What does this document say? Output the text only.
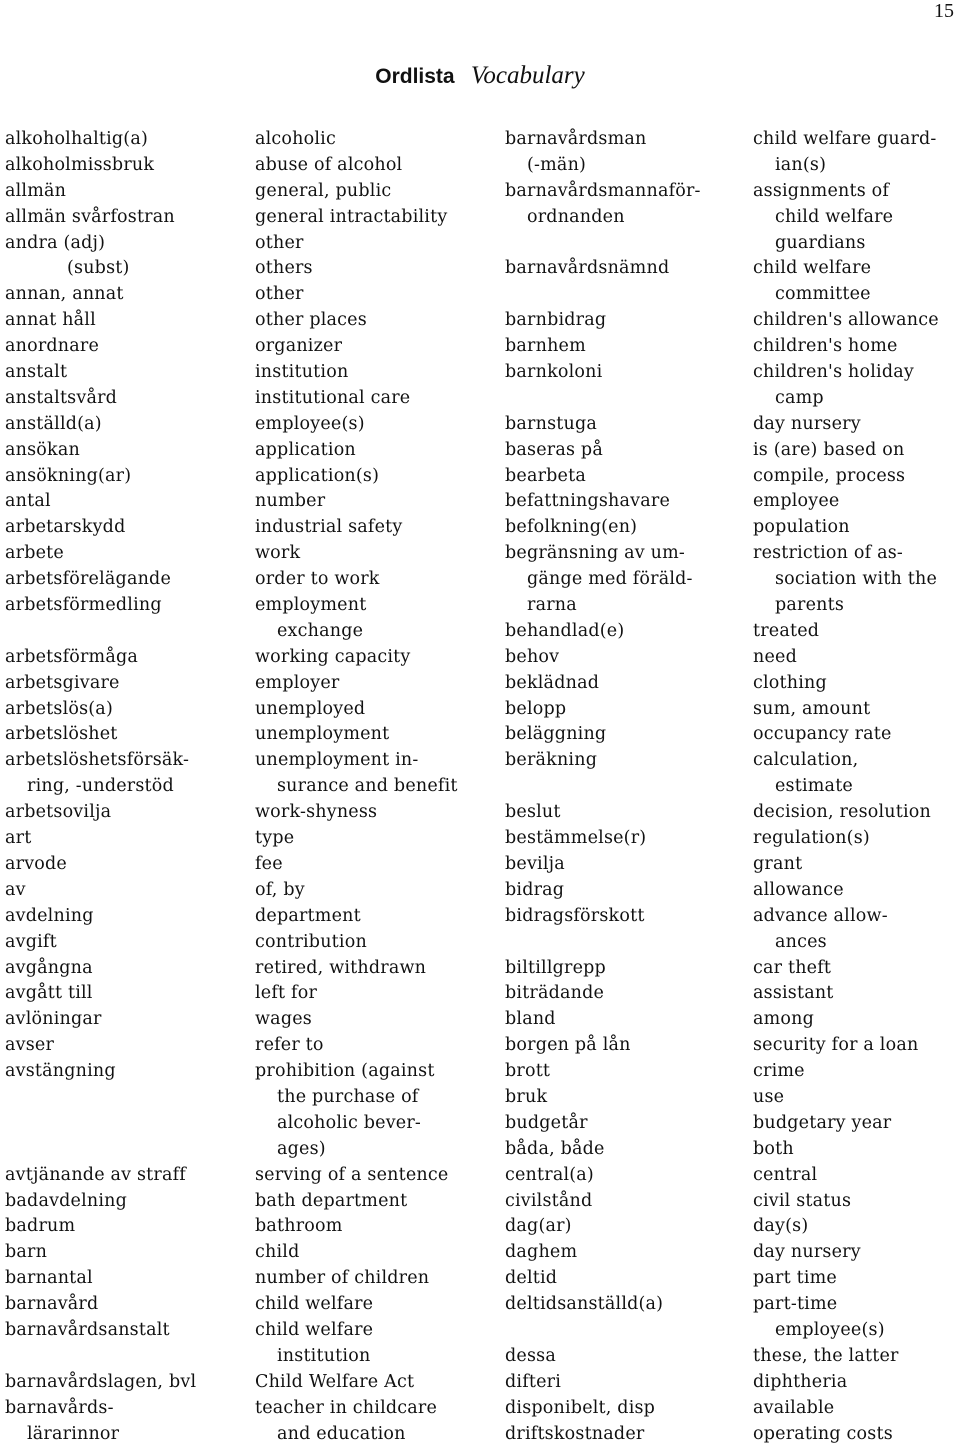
15
Ordlista Vocabulary
alkoholhaltig(a)
alkoholmissbruk
allmän
allmän svårfostran
andra (adj)
(subst)
annan, annat
annat håll
anordnare
anstalt
anstaltsvård
anställd(a)
ansökan
ansökning(ar)
antal
arbetarskydd
arbete
arbetsförelägande
arbetsförmedling
arbetsförmåga
arbetsgivare
arbetslös(a)
arbetslöshet
arbetslöshetsförsäk-
ring, -understöd
arbetsovilja
art
arvode
av
avdelning
avgift
avgångna
avgått till
avlöningar
avser
avstängning
avtjänande av straff
badavdelning
badrum
barn
barnantal
barnavård
barnavårdsanstalt
barnavårdslagen, bvl
barnavårds-
lärarinnor
alcoholic
abuse of alcohol
general, public
general intractability
other
others
other
other places
organizer
institution
institutional care
employee(s)
application
application(s)
number
industrial safety
work
order to work
employment
exchange
working capacity
employer
unemployed
unemployment
unemployment in-
surance and benefit
work-shyness
type
fee
of, by
department
contribution
retired, withdrawn
left for
wages
refer to
prohibition (against
the purchase of
alcoholic bever-
ages)
serving of a sentence
bath department
bathroom
child
number of children
child welfare
child welfare
institution
Child Welfare Act
teacher in childcare
and education
barnavårdsman
(-män)
barnavårdsmannaför-
ordnanden
barnavårdsnämnd
barnbidrag
barnhem
barnkoloni
barnstuga
baseras på
bearbeta
befattningshavare
befolkning(en)
begränsning av um-
gänge med föräld-
rarna
behandlad(e)
behov
beklädnad
belopp
beläggning
beräkning
beslut
bestämmelse(r)
bevilja
bidrag
bidragsförskott
biltillgrepp
biträdande
bland
borgen på lån
brott
bruk
budgetår
båda, både
central(a)
civilstånd
dag(ar)
daghem
deltid
deltidsanställd(a)
dessa
difteri
disponibelt, disp
driftskostnader
child welfare guard-
ian(s)
assignments of
child welfare
guardians
child welfare
committee
children's allowance
children's home
children's holiday
camp
day nursery
is (are) based on
compile, process
employee
population
restriction of as-
sociation with the
parents
treated
need
clothing
sum, amount
occupancy rate
calculation,
estimate
decision, resolution
regulation(s)
grant
allowance
advance allow-
ances
car theft
assistant
among
security for a loan
crime
use
budgetary year
both
central
civil status
day(s)
day nursery
part time
part-time
employee(s)
these, the latter
diphtheria
available
operating costs
